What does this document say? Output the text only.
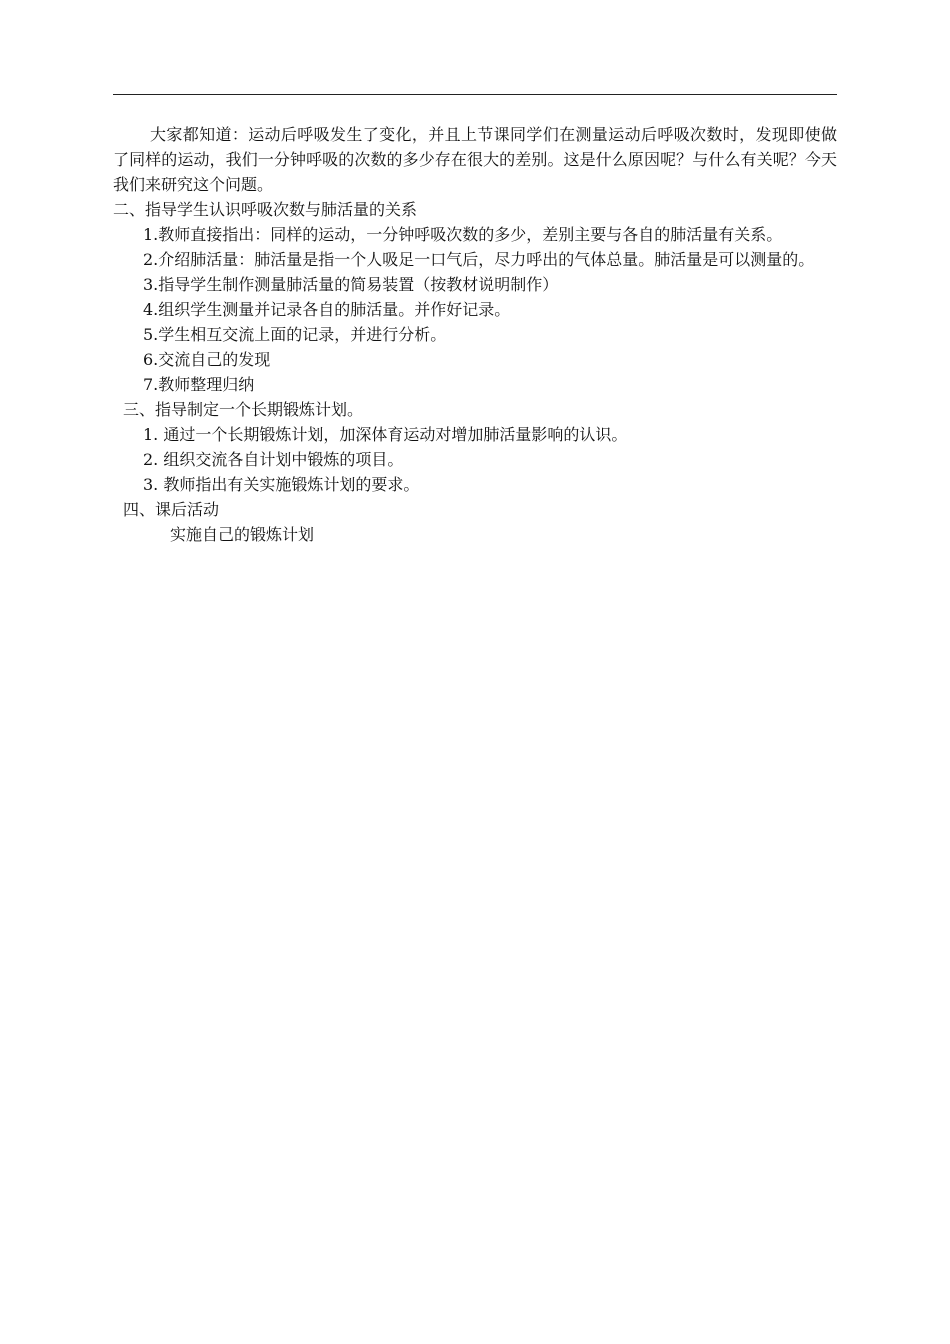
大家都知道：运动后呼吸发生了变化，并且上节课同学们在测量运动后呼吸次数时，发现即使做了同样的运动，我们一分钟呼吸的次数的多少存在很大的差别。这是什么原因呢？与什么有关呢？今天我们来研究这个问题。

二、指导学生认识呼吸次数与肺活量的关系

1.教师直接指出：同样的运动，一分钟呼吸次数的多少，差别主要与各自的肺活量有关系。

2.介绍肺活量：肺活量是指一个人吸足一口气后，尽力呼出的气体总量。肺活量是可以测量的。

3.指导学生制作测量肺活量的简易装置（按教材说明制作）

4.组织学生测量并记录各自的肺活量。并作好记录。

5.学生相互交流上面的记录，并进行分析。

6.交流自己的发现

7.教师整理归纳

三、指导制定一个长期锻炼计划。

1. 通过一个长期锻炼计划，加深体育运动对增加肺活量影响的认识。

2. 组织交流各自计划中锻炼的项目。

3. 教师指出有关实施锻炼计划的要求。

四、课后活动

实施自己的锻炼计划
